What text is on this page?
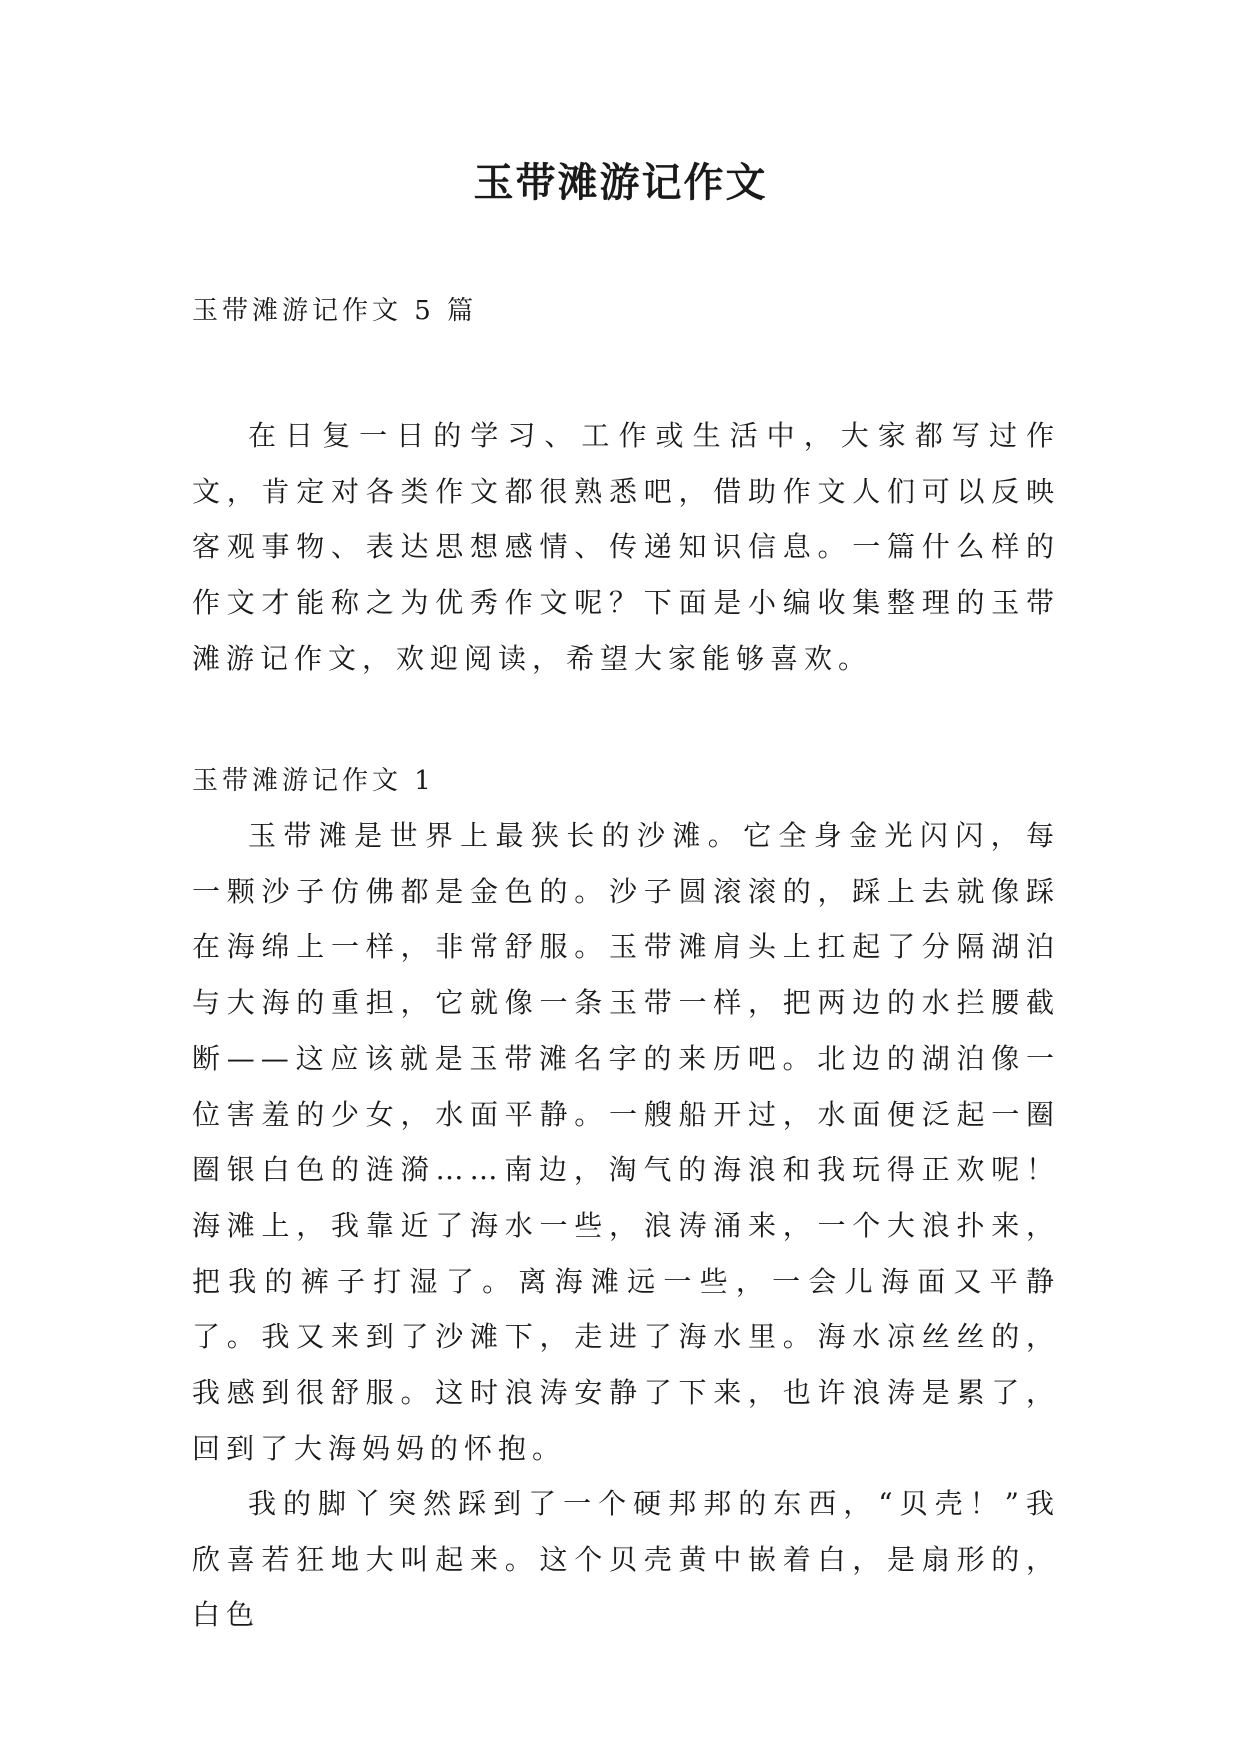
玉带滩游记作文
玉带滩游记作文 5 篇

在日复一日的学习、工作或生活中，大家都写过作文，肯定对各类作文都很熟悉吧，借助作文人们可以反映客观事物、表达思想感情、传递知识信息。一篇什么样的作文才能称之为优秀作文呢？下面是小编收集整理的玉带滩游记作文，欢迎阅读，希望大家能够喜欢。

玉带滩游记作文 1

玉带滩是世界上最狭长的沙滩。它全身金光闪闪，每一颗沙子仿佛都是金色的。沙子圆滚滚的，踩上去就像踩在海绵上一样，非常舒服。玉带滩肩头上扛起了分隔湖泊与大海的重担，它就像一条玉带一样，把两边的水拦腰截断——这应该就是玉带滩名字的来历吧。北边的湖泊像一位害羞的少女，水面平静。一艘船开过，水面便泛起一圈圈银白色的涟漪……南边，淘气的海浪和我玩得正欢呢！海滩上，我靠近了海水一些，浪涛涌来，一个大浪扑来，把我的裤子打湿了。离海滩远一些，一会儿海面又平静了。我又来到了沙滩下，走进了海水里。海水凉丝丝的，我感到很舒服。这时浪涛安静了下来，也许浪涛是累了，回到了大海妈妈的怀抱。

我的脚丫突然踩到了一个硬邦邦的东西，“贝壳！”我欣喜若狂地大叫起来。这个贝壳黄中嵌着白，是扇形的，白色
